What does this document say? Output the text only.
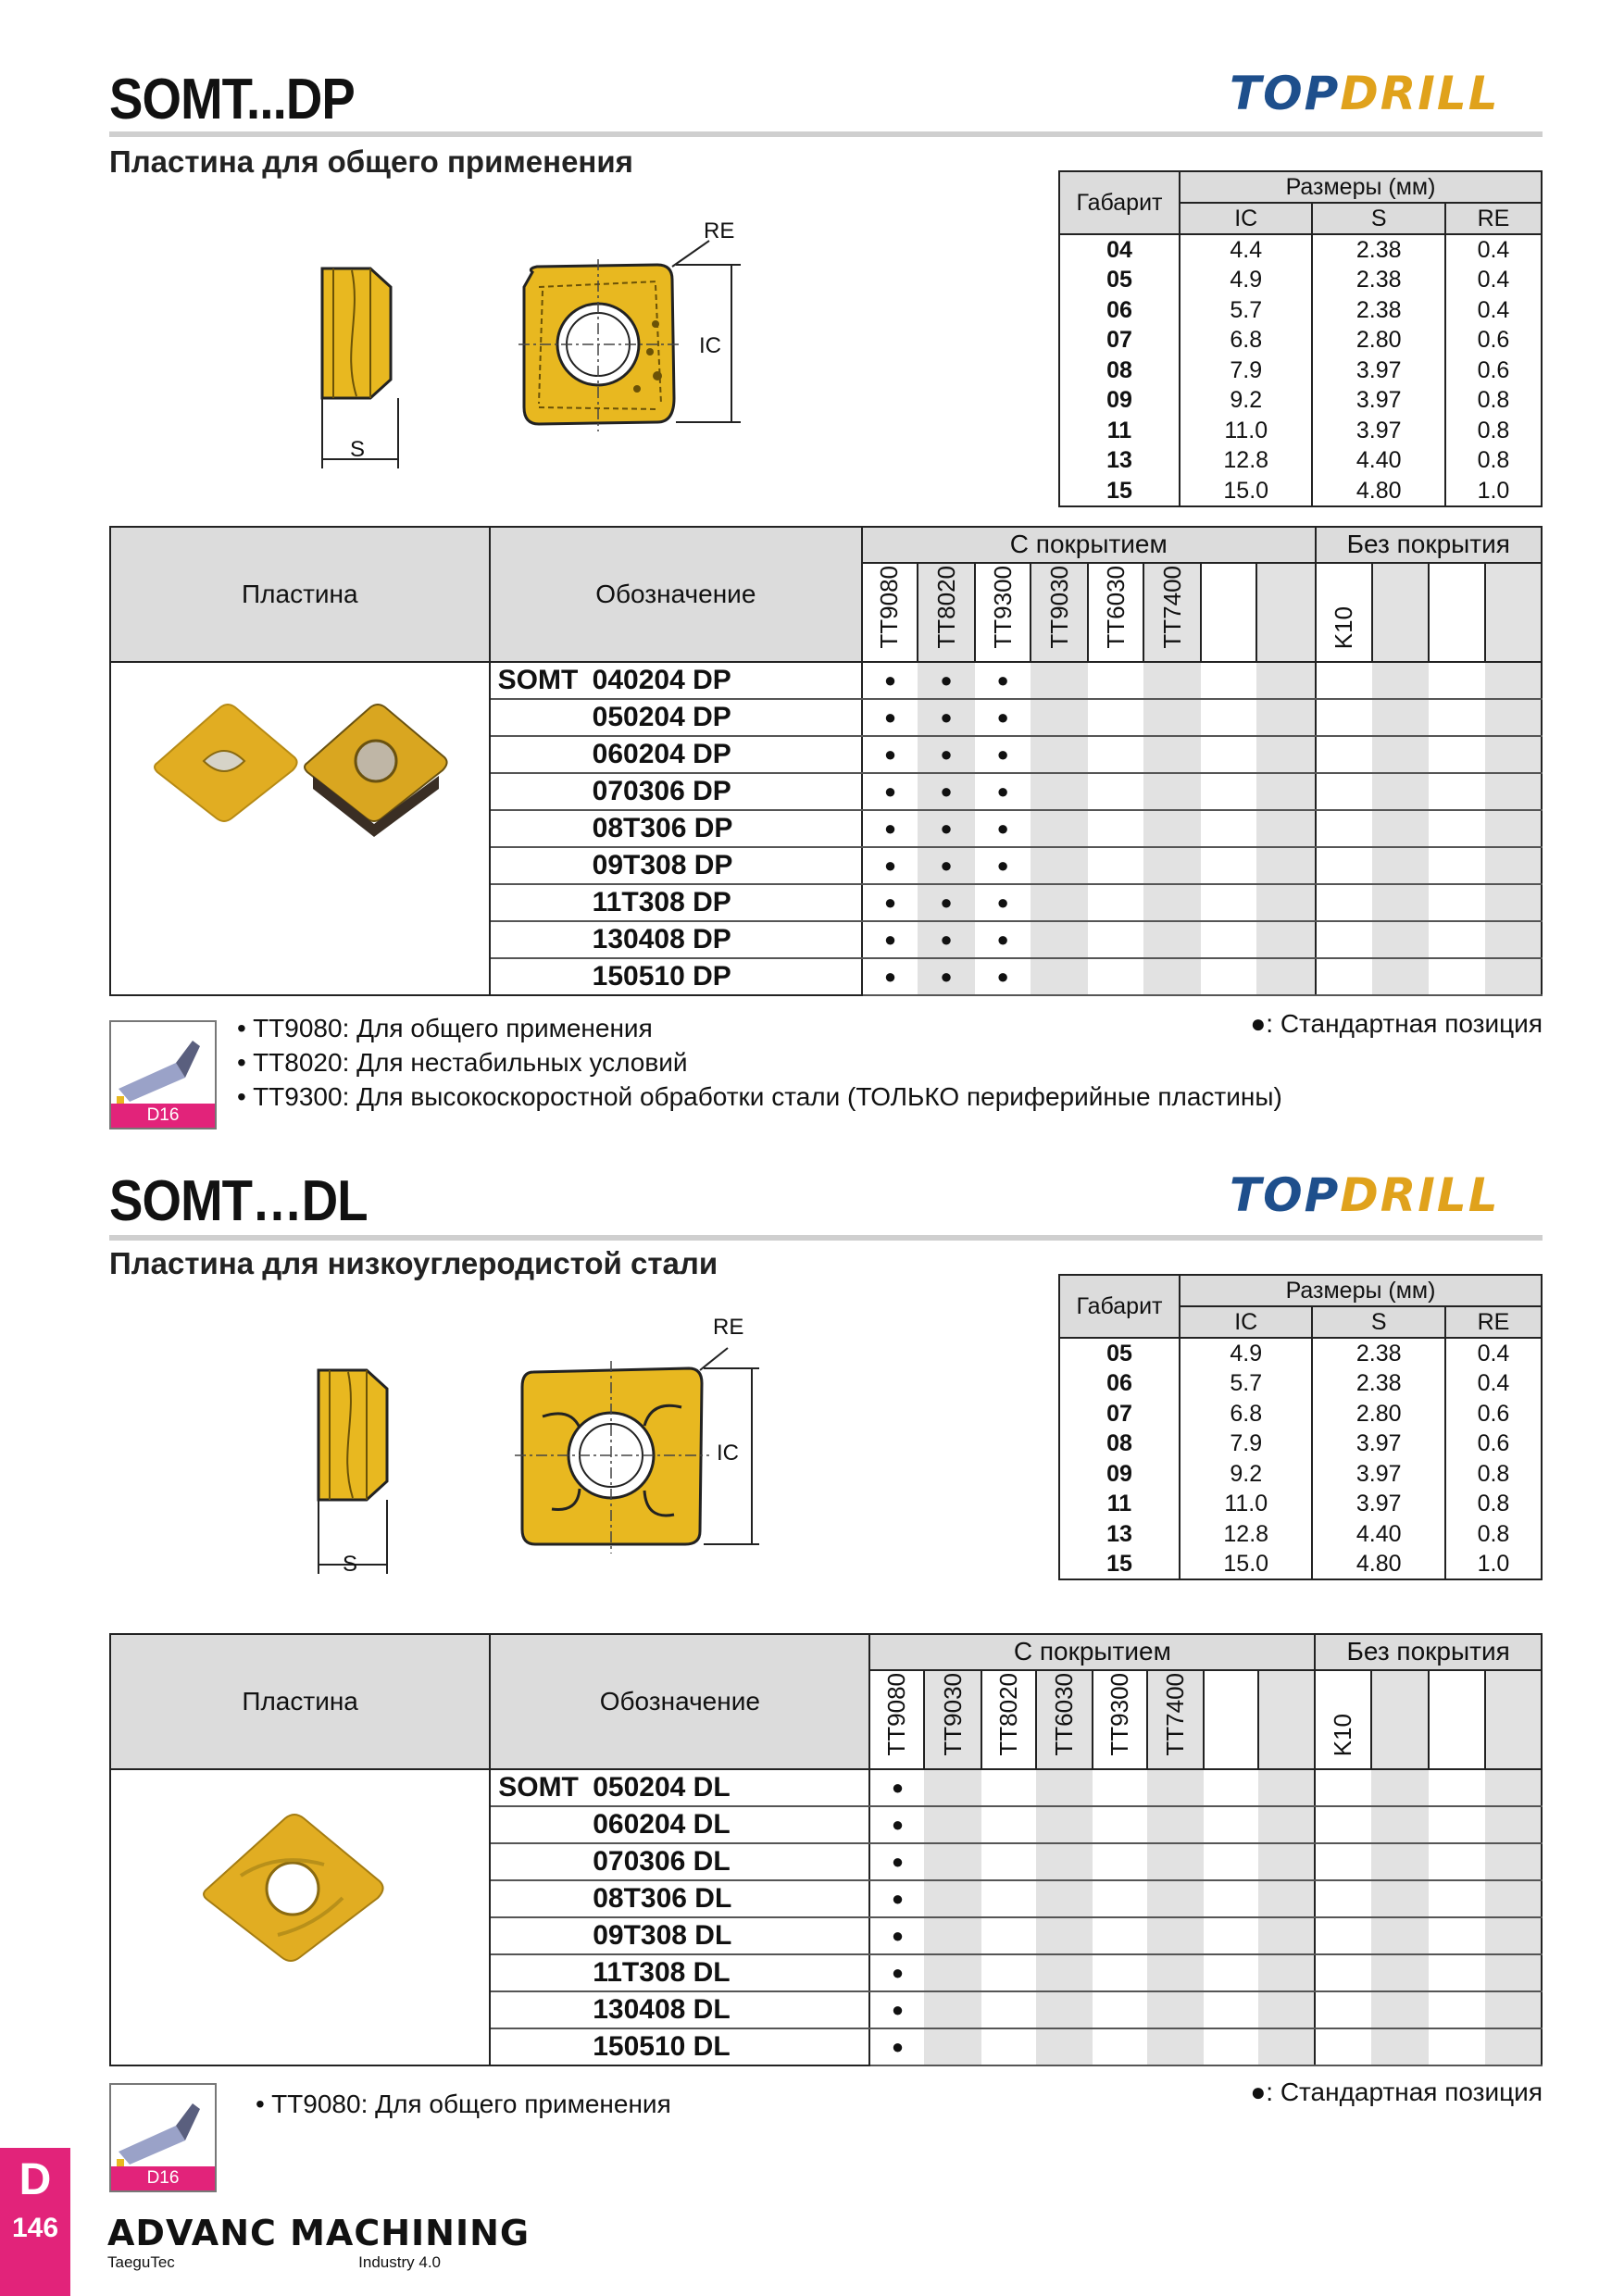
SOMT...DP	TOPDRILL
Пластина для общего применения
RE
IC
S
Габарит	Размеры (мм)		
	IC	S	RE
04	4.4	2.38	0.4
05	4.9	2.38	0.4
06	5.7	2.38	0.4
07	6.8	2.80	0.6
08	7.9	3.97	0.6
09	9.2	3.97	0.8
11	11.0	3.97	0.8
13	12.8	4.40	0.8
15	15.0	4.80	1.0
Пластина	Обозначение	С покрытием								Без покрытия			
		TT9080	TT8020	TT9300	TT9030	TT6030	TT7400			K10			
	SOMT 040204 DP	●	●	●									
	050204 DP	●	●	●									
	060204 DP	●	●	●									
	070306 DP	●	●	●									
	08T306 DP	●	●	●									
	09T308 DP	●	●	●									
	11T308 DP	●	●	●									
	130408 DP	●	●	●									
	150510 DP	●	●	●									
D16
• TT9080: Для общего применения
• TT8020: Для нестабильных условий
• TT9300: Для высокоскоростной обработки стали (ТОЛЬКО периферийные пластины)
●: Стандартная позиция
SOMT…DL	TOPDRILL
Пластина для низкоуглеродистой стали
RE
IC
S
Габарит	Размеры (мм)		
	IC	S	RE
05	4.9	2.38	0.4
06	5.7	2.38	0.4
07	6.8	2.80	0.6
08	7.9	3.97	0.6
09	9.2	3.97	0.8
11	11.0	3.97	0.8
13	12.8	4.40	0.8
15	15.0	4.80	1.0
Пластина	Обозначение	С покрытием								Без покрытия			
		TT9080	TT9030	TT8020	TT6030	TT9300	TT7400			K10			
	SOMT 050204 DL	●											
	060204 DL	●											
	070306 DL	●											
	08T306 DL	●											
	09T308 DL	●											
	11T308 DL	●											
	130408 DL	●											
	150510 DL	●											
D16
• TT9080: Для общего применения	●: Стандартная позиция
D
146	ADVANC MACHINING
TaeguTec	Industry 4.0
